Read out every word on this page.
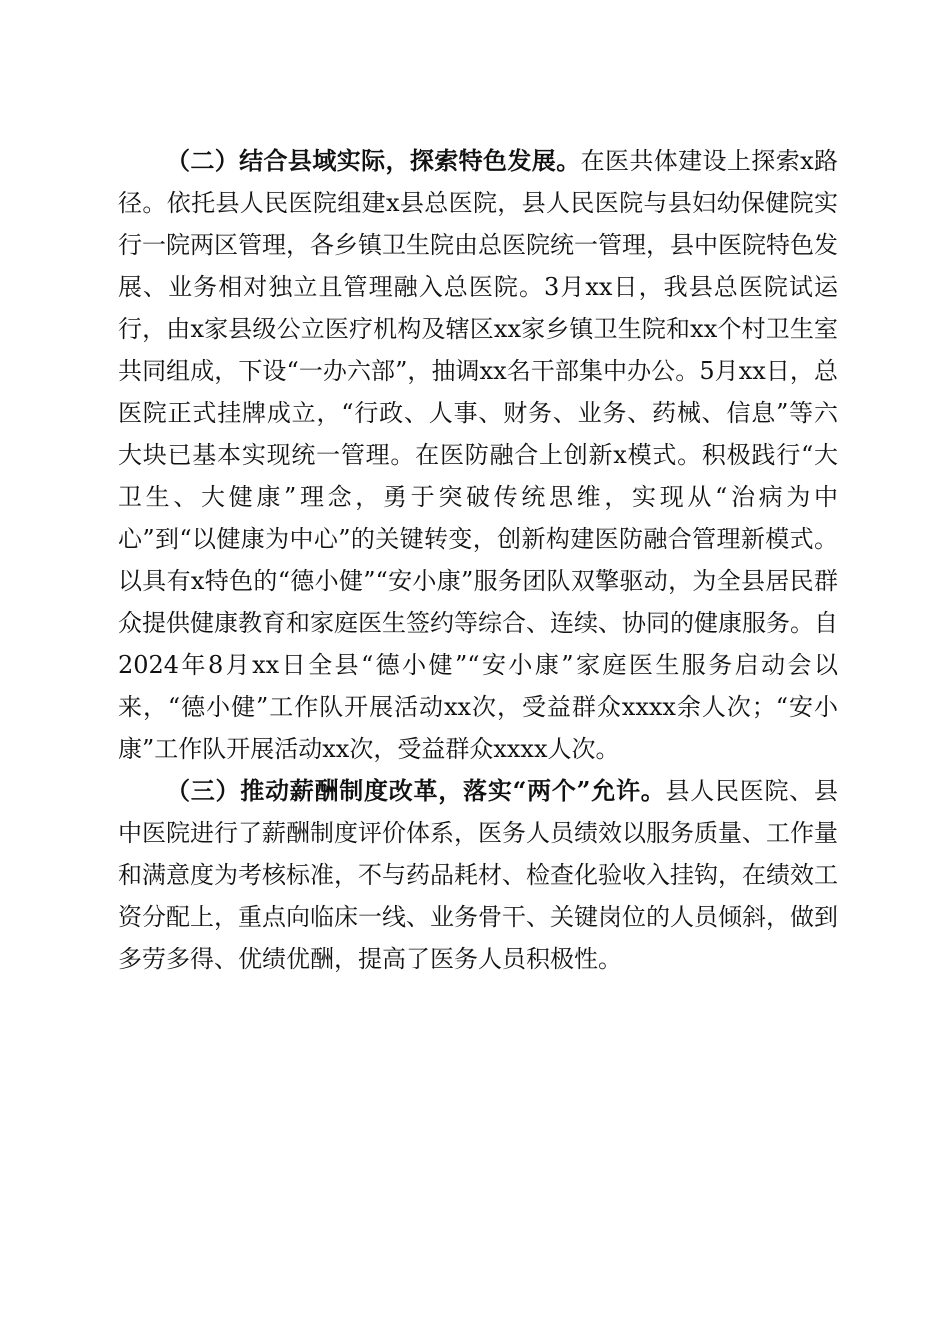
（二）结合县域实际，探索特色发展。在医共体建设上探索x路径。依托县人民医院组建x县总医院，县人民医院与县妇幼保健院实行一院两区管理，各乡镇卫生院由总医院统一管理，县中医院特色发展、业务相对独立且管理融入总医院。3月xx日，我县总医院试运行，由x家县级公立医疗机构及辖区xx家乡镇卫生院和xx个村卫生室共同组成，下设“一办六部”，抽调xx名干部集中办公。5月xx日，总医院正式挂牌成立，“行政、人事、财务、业务、药械、信息”等六大块已基本实现统一管理。在医防融合上创新x模式。积极践行“大卫生、大健康”理念，勇于突破传统思维，实现从“治病为中心”到“以健康为中心”的关键转变，创新构建医防融合管理新模式。以具有x特色的“德小健”“安小康”服务团队双擎驱动，为全县居民群众提供健康教育和家庭医生签约等综合、连续、协同的健康服务。自2024年8月xx日全县“德小健”“安小康”家庭医生服务启动会以来，“德小健”工作队开展活动xx次，受益群众xxxx余人次；“安小康”工作队开展活动xx次，受益群众xxxx人次。

（三）推动薪酬制度改革，落实“两个”允许。县人民医院、县中医院进行了薪酬制度评价体系，医务人员绩效以服务质量、工作量和满意度为考核标准，不与药品耗材、检查化验收入挂钩，在绩效工资分配上，重点向临床一线、业务骨干、关键岗位的人员倾斜，做到多劳多得、优绩优酬，提高了医务人员积极性。
